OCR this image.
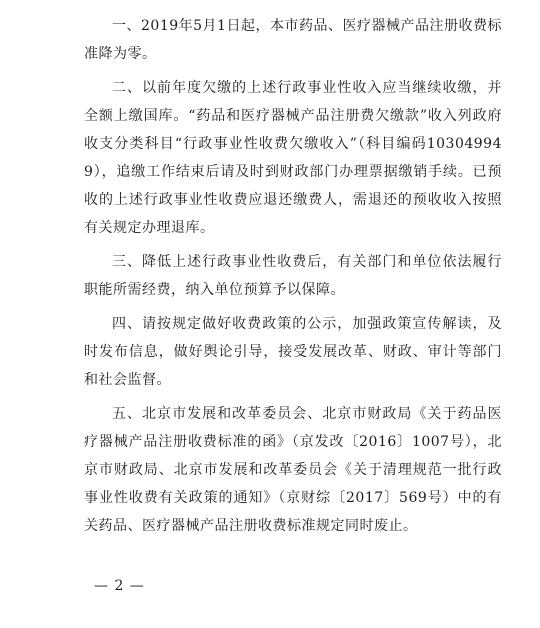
一、2019年5月1日起，本市药品、医疗器械产品注册收费标准降为零。

二、以前年度欠缴的上述行政事业性收入应当继续收缴，并全额上缴国库。“药品和医疗器械产品注册费欠缴款”收入列政府收支分类科目“行政事业性收费欠缴收入”（科目编码103049949），追缴工作结束后请及时到财政部门办理票据缴销手续。已预收的上述行政事业性收费应退还缴费人，需退还的预收收入按照有关规定办理退库。

三、降低上述行政事业性收费后，有关部门和单位依法履行职能所需经费，纳入单位预算予以保障。

四、请按规定做好收费政策的公示，加强政策宣传解读，及时发布信息，做好舆论引导，接受发展改革、财政、审计等部门和社会监督。

五、北京市发展和改革委员会、北京市财政局《关于药品医疗器械产品注册收费标准的函》（京发改〔2016〕1007号），北京市财政局、北京市发展和改革委员会《关于清理规范一批行政事业性收费有关政策的通知》（京财综〔2017〕569号）中的有关药品、医疗器械产品注册收费标准规定同时废止。

— 2 —
